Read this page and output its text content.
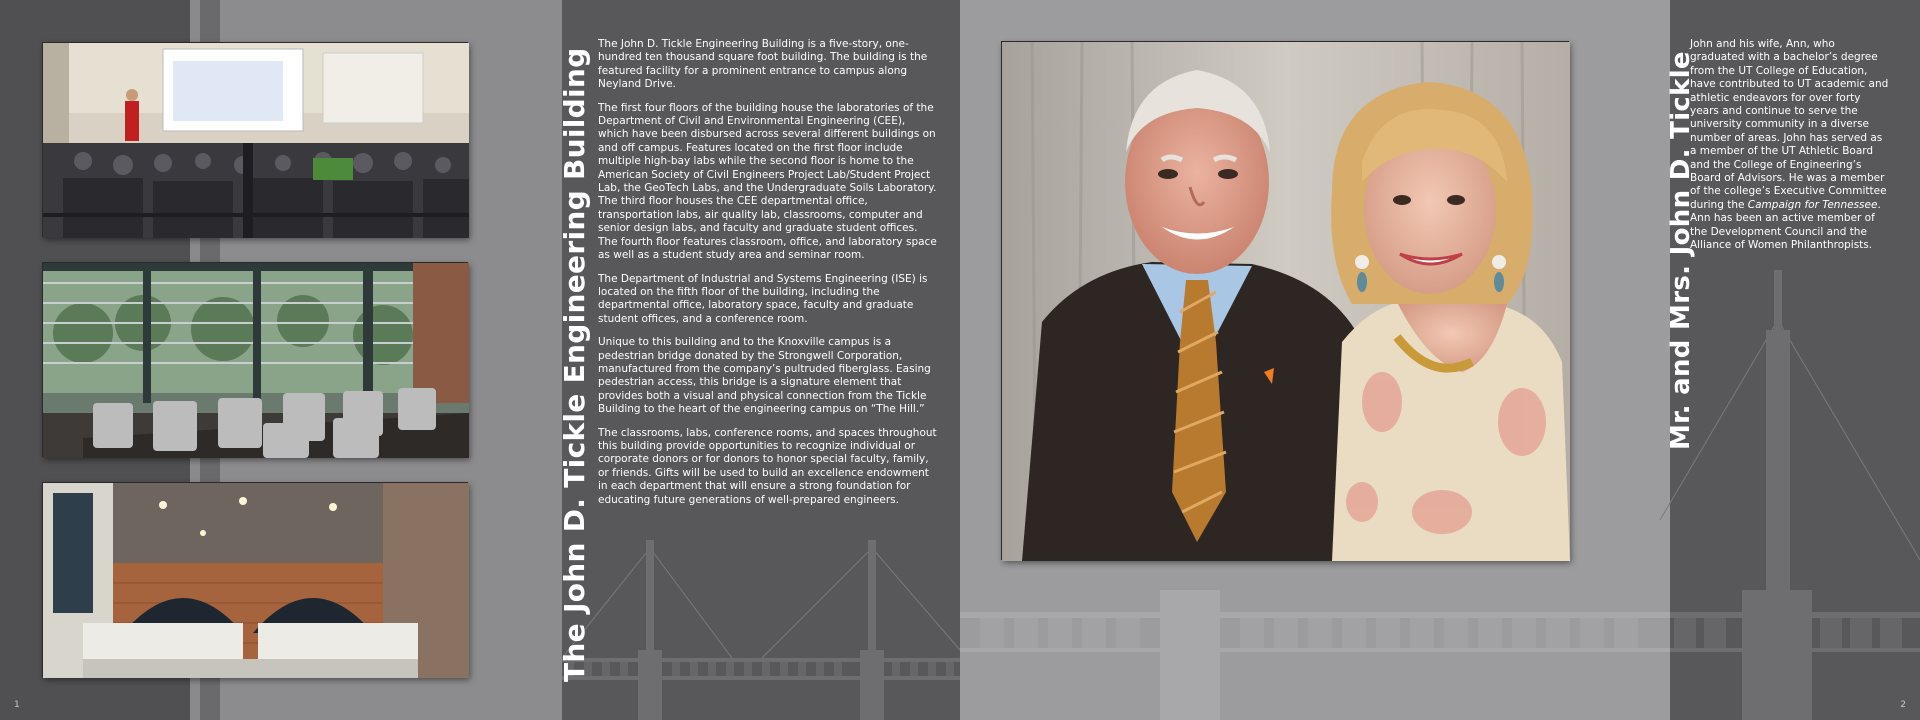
1
The John D. Tickle Engineering Building

The John D. Tickle Engineering Building is a five-story, one-hundred ten thousand square foot building. The building is the featured facility for a prominent entrance to campus along Neyland Drive.

The first four floors of the building house the laboratories of the Department of Civil and Environmental Engineering (CEE), which have been disbursed across several different buildings on and off campus. Features located on the first floor include multiple high-bay labs while the second floor is home to the American Society of Civil Engineers Project Lab/Student Project Lab, the GeoTech Labs, and the Undergraduate Soils Laboratory. The third floor houses the CEE departmental office, transportation labs, air quality lab, classrooms, computer and senior design labs, and faculty and graduate student offices. The fourth floor features classroom, office, and laboratory space as well as a student study area and seminar room.

The Department of Industrial and Systems Engineering (ISE) is located on the fifth floor of the building, including the departmental office, laboratory space, faculty and graduate student offices, and a conference room.

Unique to this building and to the Knoxville campus is a pedestrian bridge donated by the Strongwell Corporation, manufactured from the company’s pultruded fiberglass. Easing pedestrian access, this bridge is a signature element that provides both a visual and physical connection from the Tickle Building to the heart of the engineering campus on “The Hill.”

The classrooms, labs, conference rooms, and spaces throughout this building provide opportunities to recognize individual or corporate donors or for donors to honor special faculty, family, or friends. Gifts will be used to build an excellence endowment in each department that will ensure a strong foundation for educating future generations of well-prepared engineers.

Mr. and Mrs. John D. Tickle

John and his wife, Ann, who graduated with a bachelor’s degree from the UT College of Education, have contributed to UT academic and athletic endeavors for over forty years and continue to serve the university community in a diverse number of areas. John has served as a member of the UT Athletic Board and the College of Engineering’s Board of Advisors. He was a member of the college’s Executive Committee during the Campaign for Tennessee. Ann has been an active member of the Development Council and the Alliance of Women Philanthropists.

2
